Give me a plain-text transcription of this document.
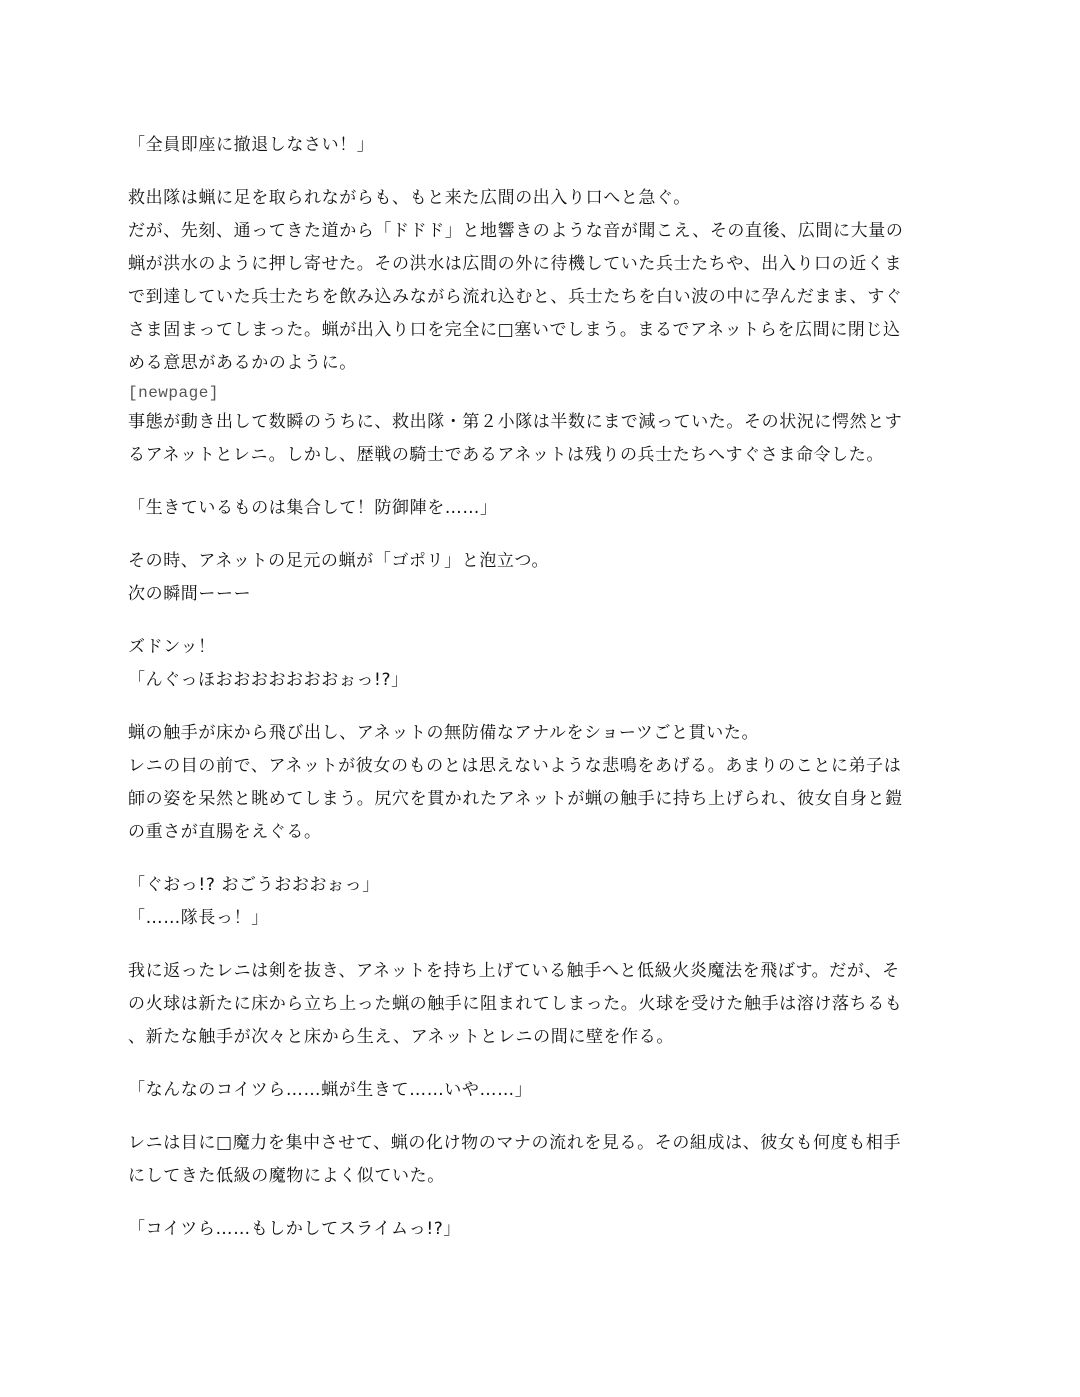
「全員即座に撤退しなさい！」
救出隊は蝋に足を取られながらも、もと来た広間の出入り口へと急ぐ。
だが、先刻、通ってきた道から「ドドド」と地響きのような音が聞こえ、その直後、広間に大量の
蝋が洪水のように押し寄せた。その洪水は広間の外に待機していた兵士たちや、出入り口の近くま
で到達していた兵士たちを飲み込みながら流れ込むと、兵士たちを白い波の中に孕んだまま、すぐ
さま固まってしまった。蝋が出入り口を完全に□塞いでしまう。まるでアネットらを広間に閉じ込
める意思があるかのように。
[newpage]
事態が動き出して数瞬のうちに、救出隊・第２小隊は半数にまで減っていた。その状況に愕然とす
るアネットとレニ。しかし、歴戦の騎士であるアネットは残りの兵士たちへすぐさま命令した。
「生きているものは集合して！防御陣を……」
その時、アネットの足元の蝋が「ゴポリ」と泡立つ。
次の瞬間ーーー
ズドンッ！
「んぐっほおおおおおおおぉっ!?」
蝋の触手が床から飛び出し、アネットの無防備なアナルをショーツごと貫いた。
レニの目の前で、アネットが彼女のものとは思えないような悲鳴をあげる。あまりのことに弟子は
師の姿を呆然と眺めてしまう。尻穴を貫かれたアネットが蝋の触手に持ち上げられ、彼女自身と鎧
の重さが直腸をえぐる。
「ぐおっ!? おごうおおおぉっ」
「……隊長っ！」
我に返ったレニは剣を抜き、アネットを持ち上げている触手へと低級火炎魔法を飛ばす。だが、そ
の火球は新たに床から立ち上った蝋の触手に阻まれてしまった。火球を受けた触手は溶け落ちるも
、新たな触手が次々と床から生え、アネットとレニの間に壁を作る。
「なんなのコイツら……蝋が生きて……いや……」
レニは目に□魔力を集中させて、蝋の化け物のマナの流れを見る。その組成は、彼女も何度も相手
にしてきた低級の魔物によく似ていた。
「コイツら……もしかしてスライムっ!?」
